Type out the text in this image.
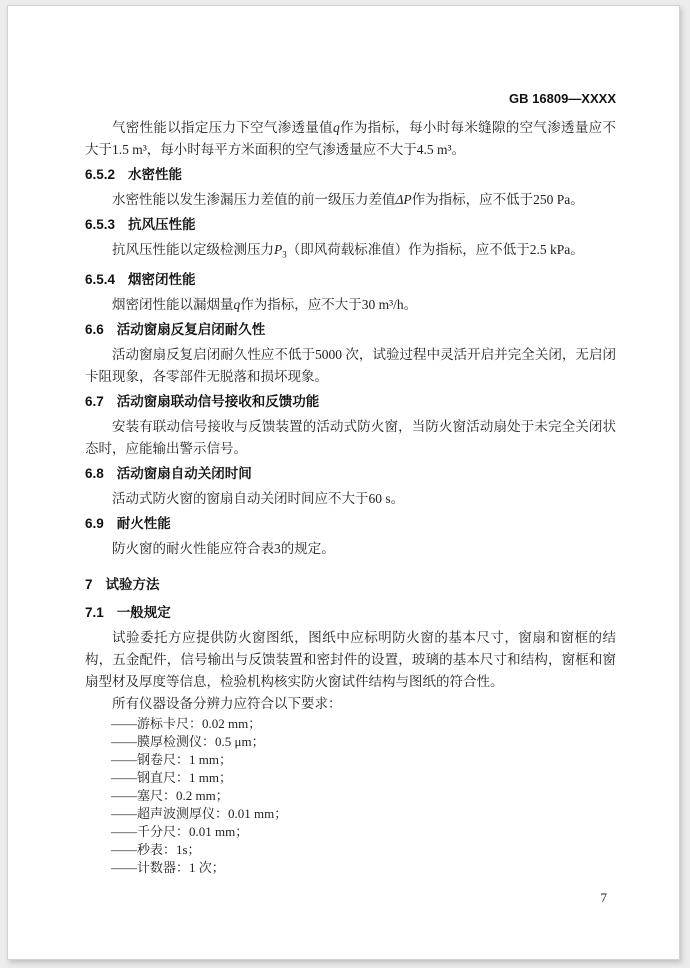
GB 16809—XXXX

气密性能以指定压力下空气渗透量值q作为指标，每小时每米缝隙的空气渗透量应不大于1.5 m³，每小时每平方米面积的空气渗透量应不大于4.5 m³。

6.5.2 水密性能

水密性能以发生渗漏压力差值的前一级压力差值ΔP作为指标，应不低于250 Pa。

6.5.3 抗风压性能

抗风压性能以定级检测压力$P_3$（即风荷载标准值）作为指标，应不低于2.5 kPa。

6.5.4 烟密闭性能

烟密闭性能以漏烟量q作为指标，应不大于30 m³/h。

6.6 活动窗扇反复启闭耐久性

活动窗扇反复启闭耐久性应不低于5000 次，试验过程中灵活开启并完全关闭，无启闭卡阻现象，各零部件无脱落和损坏现象。

6.7 活动窗扇联动信号接收和反馈功能

安装有联动信号接收与反馈装置的活动式防火窗，当防火窗活动扇处于未完全关闭状态时，应能输出警示信号。

6.8 活动窗扇自动关闭时间

活动式防火窗的窗扇自动关闭时间应不大于60 s。

6.9 耐火性能

防火窗的耐火性能应符合表3的规定。

7 试验方法
7.1 一般规定

试验委托方应提供防火窗图纸，图纸中应标明防火窗的基本尺寸，窗扇和窗框的结构，五金配件，信号输出与反馈装置和密封件的设置，玻璃的基本尺寸和结构，窗框和窗扇型材及厚度等信息，检验机构核实防火窗试件结构与图纸的符合性。

所有仪器设备分辨力应符合以下要求：

——游标卡尺：0.02 mm；
——膜厚检测仪：0.5 μm；
——钢卷尺：1 mm；
——钢直尺：1 mm；
——塞尺：0.2 mm；
——超声波测厚仪：0.01 mm；
——千分尺：0.01 mm；
——秒表：1s；
——计数器：1 次；
7
